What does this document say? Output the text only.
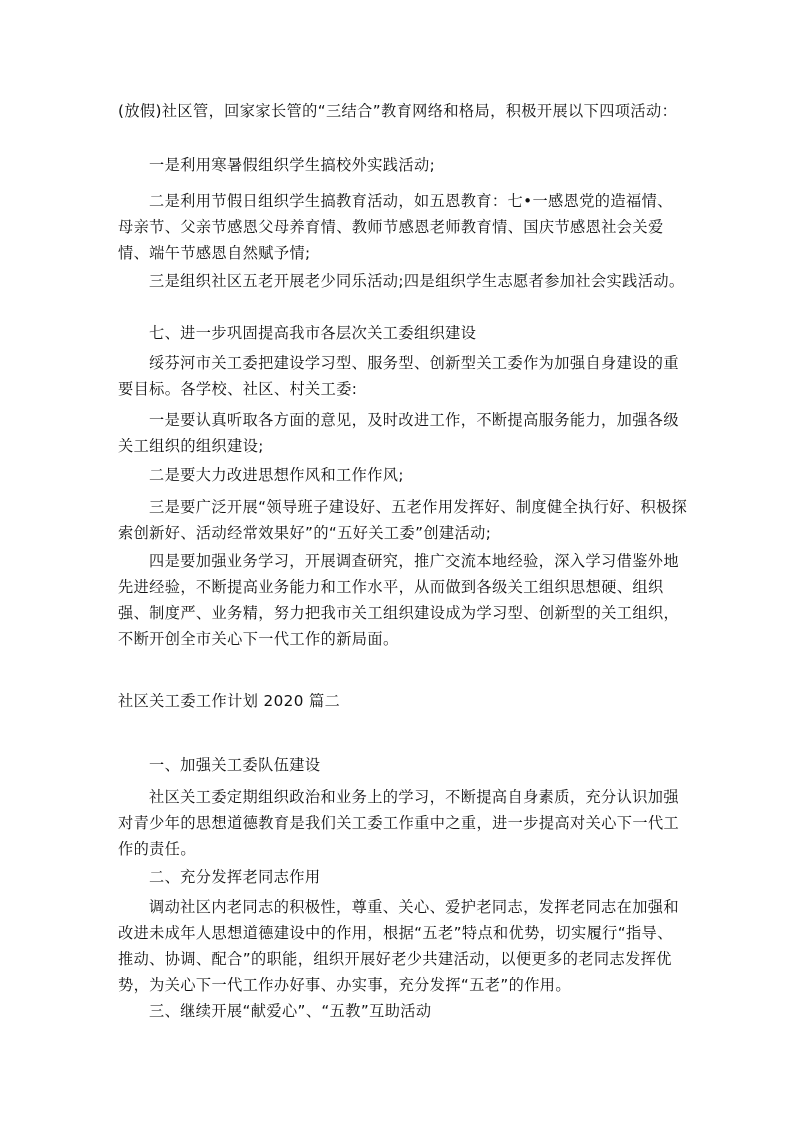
(放假)社区管，回家家长管的“三结合”教育网络和格局，积极开展以下四项活动：

一是利用寒暑假组织学生搞校外实践活动;

二是利用节假日组织学生搞教育活动，如五恩教育：七•一感恩党的造福情、母亲节、父亲节感恩父母养育情、教师节感恩老师教育情、国庆节感恩社会关爱情、端午节感恩自然赋予情;

三是组织社区五老开展老少同乐活动;四是组织学生志愿者参加社会实践活动。

七、进一步巩固提高我市各层次关工委组织建设

绥芬河市关工委把建设学习型、服务型、创新型关工委作为加强自身建设的重要目标。各学校、社区、村关工委:

一是要认真听取各方面的意见，及时改进工作，不断提高服务能力，加强各级关工组织的组织建设;

二是要大力改进思想作风和工作作风;

三是要广泛开展“领导班子建设好、五老作用发挥好、制度健全执行好、积极探索创新好、活动经常效果好”的“五好关工委”创建活动;

四是要加强业务学习，开展调查研究，推广交流本地经验，深入学习借鉴外地先进经验，不断提高业务能力和工作水平，从而做到各级关工组织思想硬、组织强、制度严、业务精，努力把我市关工组织建设成为学习型、创新型的关工组织，不断开创全市关心下一代工作的新局面。

社区关工委工作计划 2020 篇二

一、加强关工委队伍建设

社区关工委定期组织政治和业务上的学习，不断提高自身素质，充分认识加强对青少年的思想道德教育是我们关工委工作重中之重，进一步提高对关心下一代工作的责任。

二、充分发挥老同志作用

调动社区内老同志的积极性，尊重、关心、爱护老同志，发挥老同志在加强和改进未成年人思想道德建设中的作用，根据“五老”特点和优势，切实履行“指导、推动、协调、配合”的职能，组织开展好老少共建活动，以便更多的老同志发挥优势，为关心下一代工作办好事、办实事，充分发挥“五老”的作用。

三、继续开展“献爱心”、“五教”互助活动
